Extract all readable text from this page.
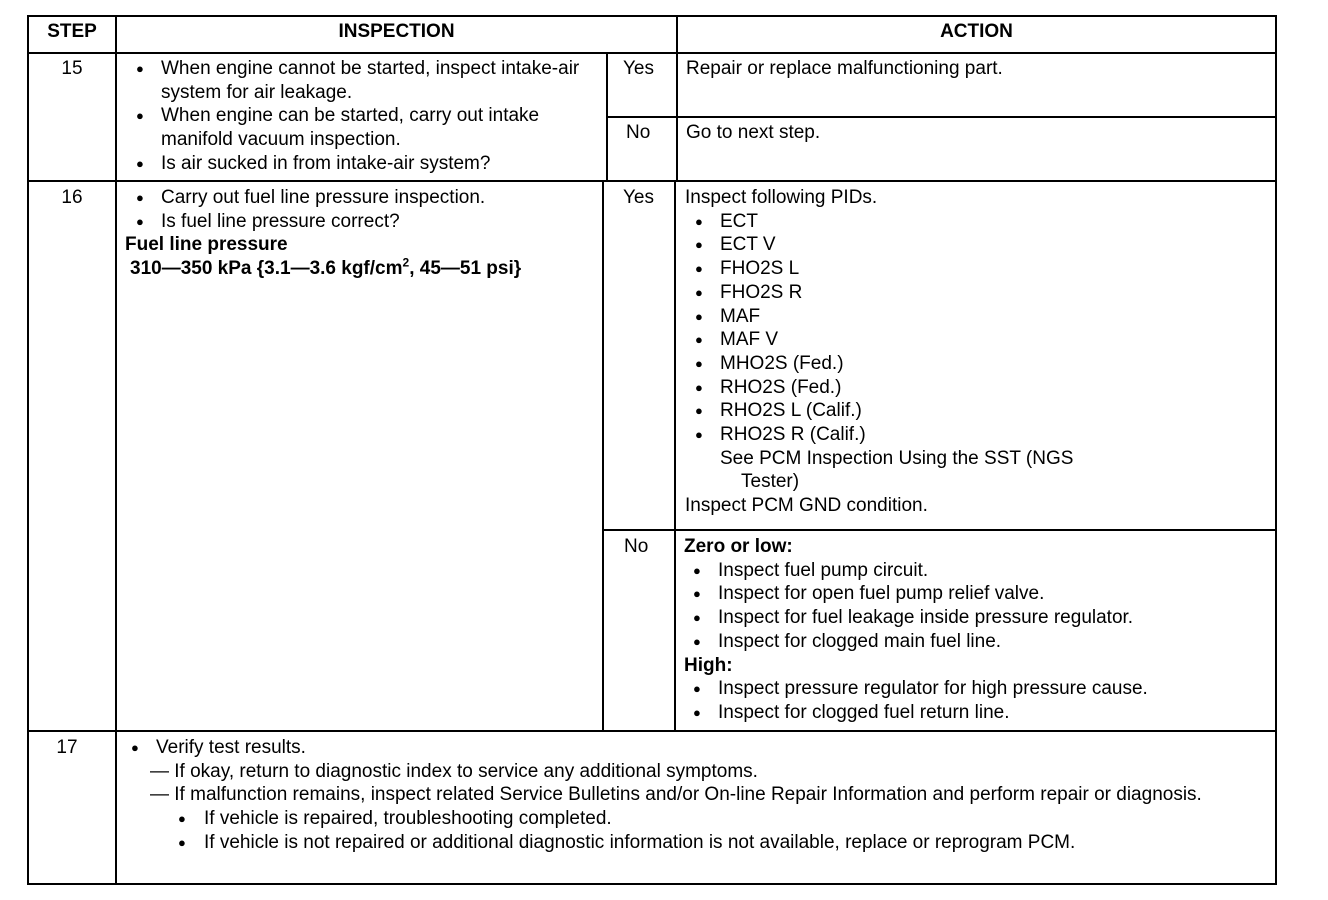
STEP	INSPECTION	ACTION
15	● When engine cannot be started, inspect intake-air system for air leakage.
● When engine can be started, carry out intake manifold vacuum inspection.
● Is air sucked in from intake-air system?
Yes Repair or replace malfunctioning part.
No Go to next step.
16	● Carry out fuel line pressure inspection.
● Is fuel line pressure correct?
Fuel line pressure
310—350 kPa {3.1—3.6 kgf/$cm^2$, 45—51 psi}
Yes Inspect following PIDs.
● ECT
● ECT V
● FHO2S L
● FHO2S R
● MAF
● MAF V
● MHO2S (Fed.)
● RHO2S (Fed.)
● RHO2S L (Calif.)
● RHO2S R (Calif.)
See PCM Inspection Using the SST (NGS
Tester)
Inspect PCM GND condition.
No Zero or low:
● Inspect fuel pump circuit.
● Inspect for open fuel pump relief valve.
● Inspect for fuel leakage inside pressure regulator.
● Inspect for clogged main fuel line.
High:
● Inspect pressure regulator for high pressure cause.
● Inspect for clogged fuel return line.
17	● Verify test results.
— If okay, return to diagnostic index to service any additional symptoms.
— If malfunction remains, inspect related Service Bulletins and/or On-line Repair Information and perform repair or diagnosis.
● If vehicle is repaired, troubleshooting completed.
● If vehicle is not repaired or additional diagnostic information is not available, replace or reprogram PCM.
